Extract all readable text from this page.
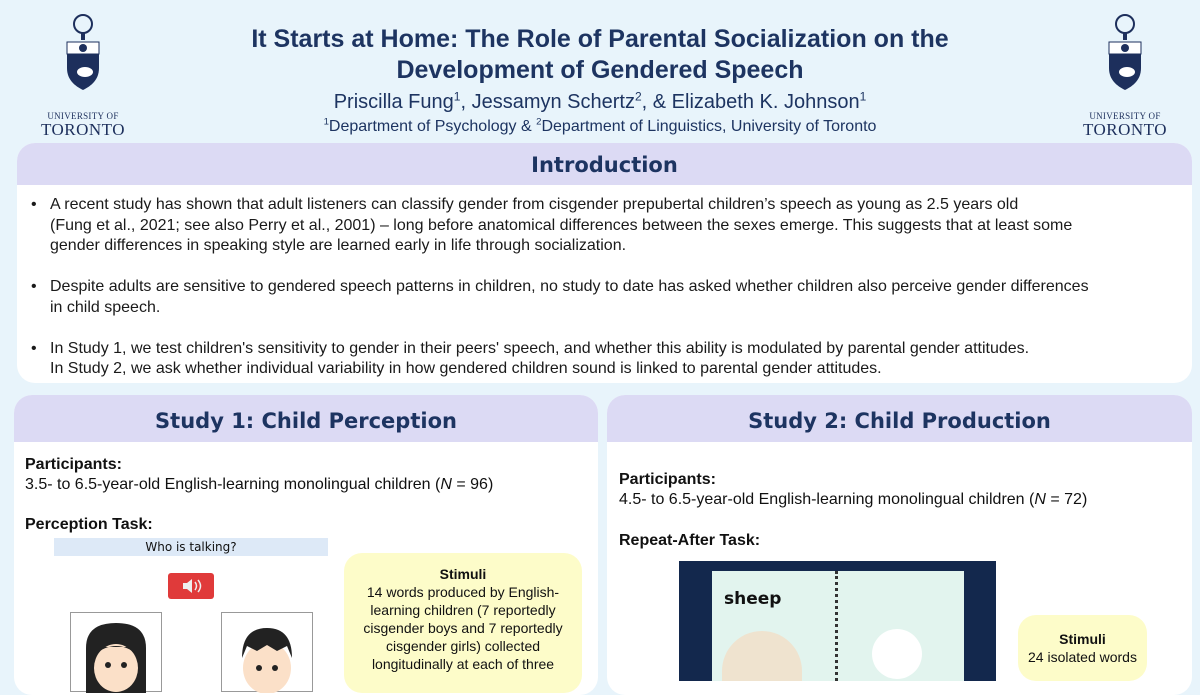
UNIVERSITY OF
TORONTO
UNIVERSITY OF
TORONTO
It Starts at Home: The Role of Parental Socialization on the
Development of Gendered Speech
Priscilla Fung$^1$, Jessamyn Schertz$^2$, & Elizabeth K. Johnson$^1$
$^1$Department of Psychology & $^2$Department of Linguistics, University of Toronto
Introduction
• A recent study has shown that adult listeners can classify gender from cisgender prepubertal children’s speech as young as 2.5 years old
(Fung et al., 2021; see also Perry et al., 2001) – long before anatomical differences between the sexes emerge. This suggests that at least some
gender differences in speaking style are learned early in life through socialization.
• Despite adults are sensitive to gendered speech patterns in children, no study to date has asked whether children also perceive gender differences
in child speech.
• In Study 1, we test children's sensitivity to gender in their peers' speech, and whether this ability is modulated by parental gender attitudes.
In Study 2, we ask whether individual variability in how gendered children sound is linked to parental gender attitudes.
Study 1: Child Perception
Participants:
3.5- to 6.5-year-old English-learning monolingual children (N = 96)
Perception Task:
Who is talking?
Stimuli
14 words produced by English-
learning children (7 reportedly
cisgender boys and 7 reportedly
cisgender girls) collected
longitudinally at each of three
Study 2: Child Production
Participants:
4.5- to 6.5-year-old English-learning monolingual children (N = 72)
Repeat-After Task:
sheep
Stimuli
24 isolated words
